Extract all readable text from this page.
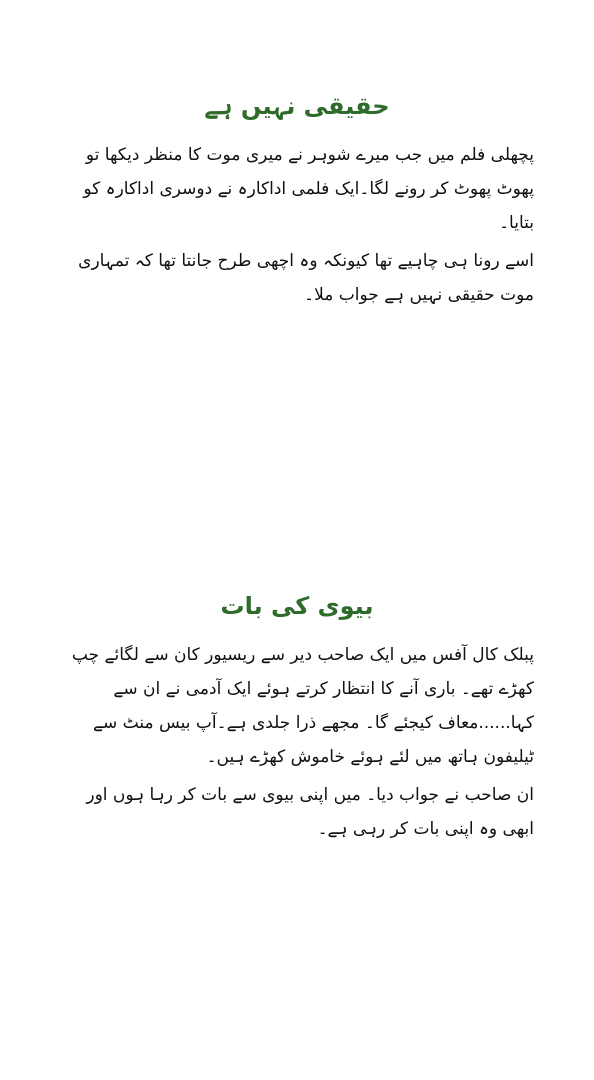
حقیقی نہیں ہے

پچھلی فلم میں جب میرے شوہر نے میری موت کا منظر دیکھا تو پھوٹ پھوٹ کر رونے لگا۔ایک فلمی اداکارہ نے دوسری اداکارہ کو بتایا۔

اسے رونا ہی چاہیے تھا کیونکہ وہ اچھی طرح جانتا تھا کہ تمہاری موت حقیقی نہیں ہے جواب ملا۔

بیوی کی بات

پبلک کال آفس میں ایک صاحب دیر سے ریسیور کان سے لگائے چپ کھڑے تھے۔ باری آنے کا انتظار کرتے ہوئے ایک آدمی نے ان سے کہا......معاف کیجئے گا۔ مجھے ذرا جلدی ہے۔آپ بیس منٹ سے ٹیلیفون ہاتھ میں لئے ہوئے خاموش کھڑے ہیں۔

ان صاحب نے جواب دیا۔ میں اپنی بیوی سے بات کر رہا ہوں اور ابھی وہ اپنی بات کر رہی ہے۔
